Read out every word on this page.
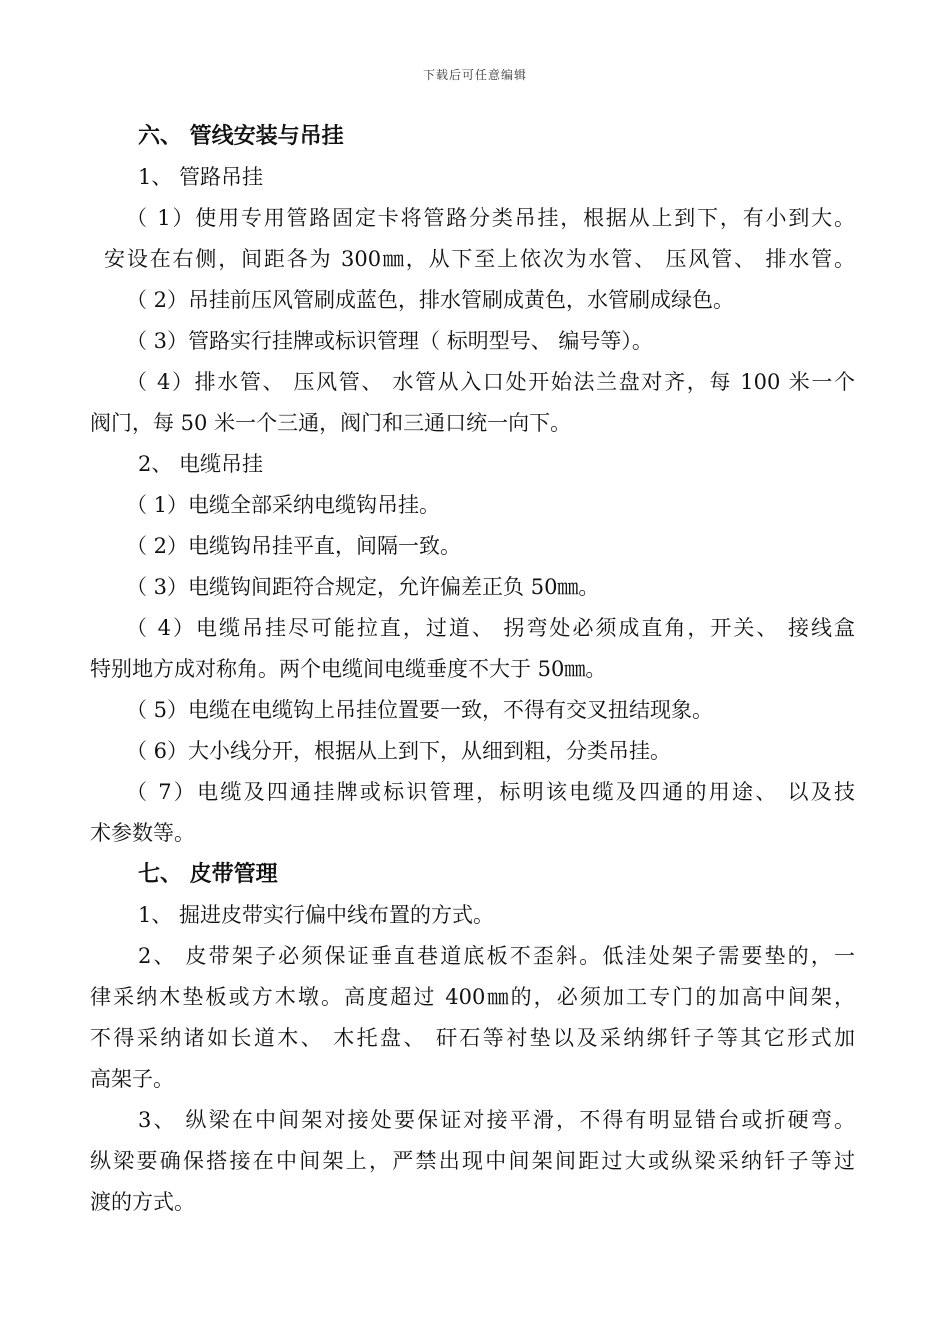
下载后可任意编辑
六、 管线安装与吊挂
1、 管路吊挂
（ 1）使用专用管路固定卡将管路分类吊挂，根据从上到下，有小到大。
安设在右侧，间距各为 300㎜，从下至上依次为水管、 压风管、 排水管。
（ 2）吊挂前压风管刷成蓝色，排水管刷成黄色，水管刷成绿色。
（ 3）管路实行挂牌或标识管理（ 标明型号、 编号等）。
（ 4）排水管、 压风管、 水管从入口处开始法兰盘对齐，每 100 米一个
阀门，每 50 米一个三通，阀门和三通口统一向下。
2、 电缆吊挂
（ 1）电缆全部采纳电缆钩吊挂。
（ 2）电缆钩吊挂平直，间隔一致。
（ 3）电缆钩间距符合规定，允许偏差正负 50㎜。
（ 4）电缆吊挂尽可能拉直，过道、 拐弯处必须成直角，开关、 接线盒
特别地方成对称角。两个电缆间电缆垂度不大于 50㎜。
（ 5）电缆在电缆钩上吊挂位置要一致，不得有交叉扭结现象。
（ 6）大小线分开，根据从上到下，从细到粗，分类吊挂。
（ 7）电缆及四通挂牌或标识管理，标明该电缆及四通的用途、 以及技
术参数等。
七、 皮带管理
1、 掘进皮带实行偏中线布置的方式。
2、 皮带架子必须保证垂直巷道底板不歪斜。低洼处架子需要垫的，一
律采纳木垫板或方木墩。高度超过 400㎜的，必须加工专门的加高中间架，
不得采纳诸如长道木、 木托盘、 矸石等衬垫以及采纳绑钎子等其它形式加
高架子。
3、 纵梁在中间架对接处要保证对接平滑，不得有明显错台或折硬弯。
纵梁要确保搭接在中间架上，严禁出现中间架间距过大或纵梁采纳钎子等过
渡的方式。
